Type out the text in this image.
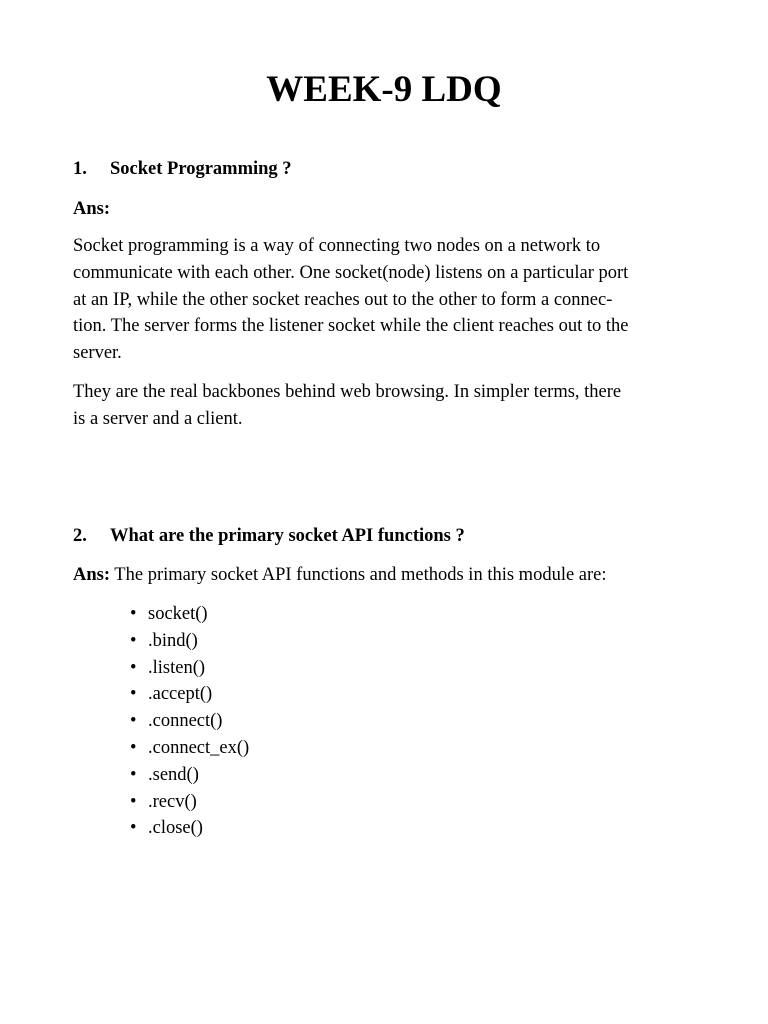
WEEK-9 LDQ

1. Socket Programming ?

Ans:

Socket programming is a way of connecting two nodes on a network to
communicate with each other. One socket(node) listens on a particular port
at an IP, while the other socket reaches out to the other to form a connec-
tion. The server forms the listener socket while the client reaches out to the
server.

They are the real backbones behind web browsing. In simpler terms, there
is a server and a client.

2. What are the primary socket API functions ?

Ans: The primary socket API functions and methods in this module are:

• socket()
• .bind()
• .listen()
• .accept()
• .connect()
• .connect_ex()
• .send()
• .recv()
• .close()
